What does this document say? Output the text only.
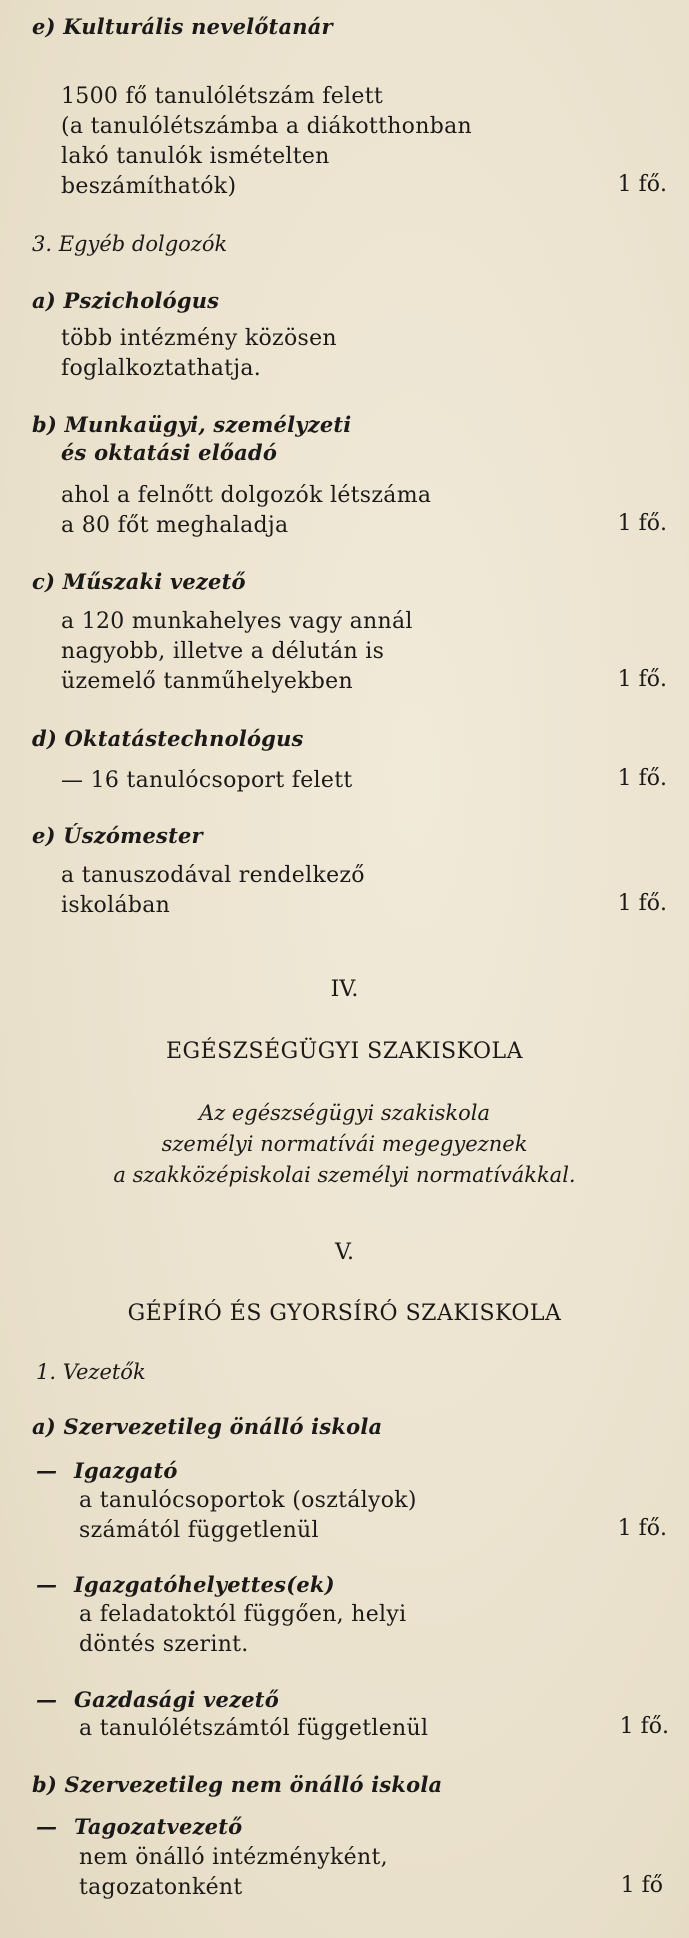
e) Kulturális nevelőtanár
1500 fő tanulólétszám felett
(a tanulólétszámba a diákotthonban
lakó tanulók ismételten
beszámíthatók)	1 fő.
3. Egyéb dolgozók
a) Pszichológus
több intézmény közösen
foglalkoztathatja.
b) Munkaügyi, személyzeti
és oktatási előadó
ahol a felnőtt dolgozók létszáma
a 80 főt meghaladja	1 fő.
c) Műszaki vezető
a 120 munkahelyes vagy annál
nagyobb, illetve a délután is
üzemelő tanműhelyekben	1 fő.
d) Oktatástechnológus
— 16 tanulócsoport felett	1 fő.
e) Úszómester
a tanuszodával rendelkező
iskolában	1 fő.
IV.
EGÉSZSÉGÜGYI SZAKISKOLA
Az egészségügyi szakiskola
személyi normatívái megegyeznek
a szakközépiskolai személyi normatívákkal.
V.
GÉPÍRÓ ÉS GYORSÍRÓ SZAKISKOLA
1. Vezetők
a) Szervezetileg önálló iskola
— Igazgató
a tanulócsoportok (osztályok)
számától függetlenül	1 fő.
— Igazgatóhelyettes(ek)
a feladatoktól függően, helyi
döntés szerint.
— Gazdasági vezető
a tanulólétszámtól függetlenül	1 fő.
b) Szervezetileg nem önálló iskola
— Tagozatvezető
nem önálló intézményként,
tagozatonként	1 fő
